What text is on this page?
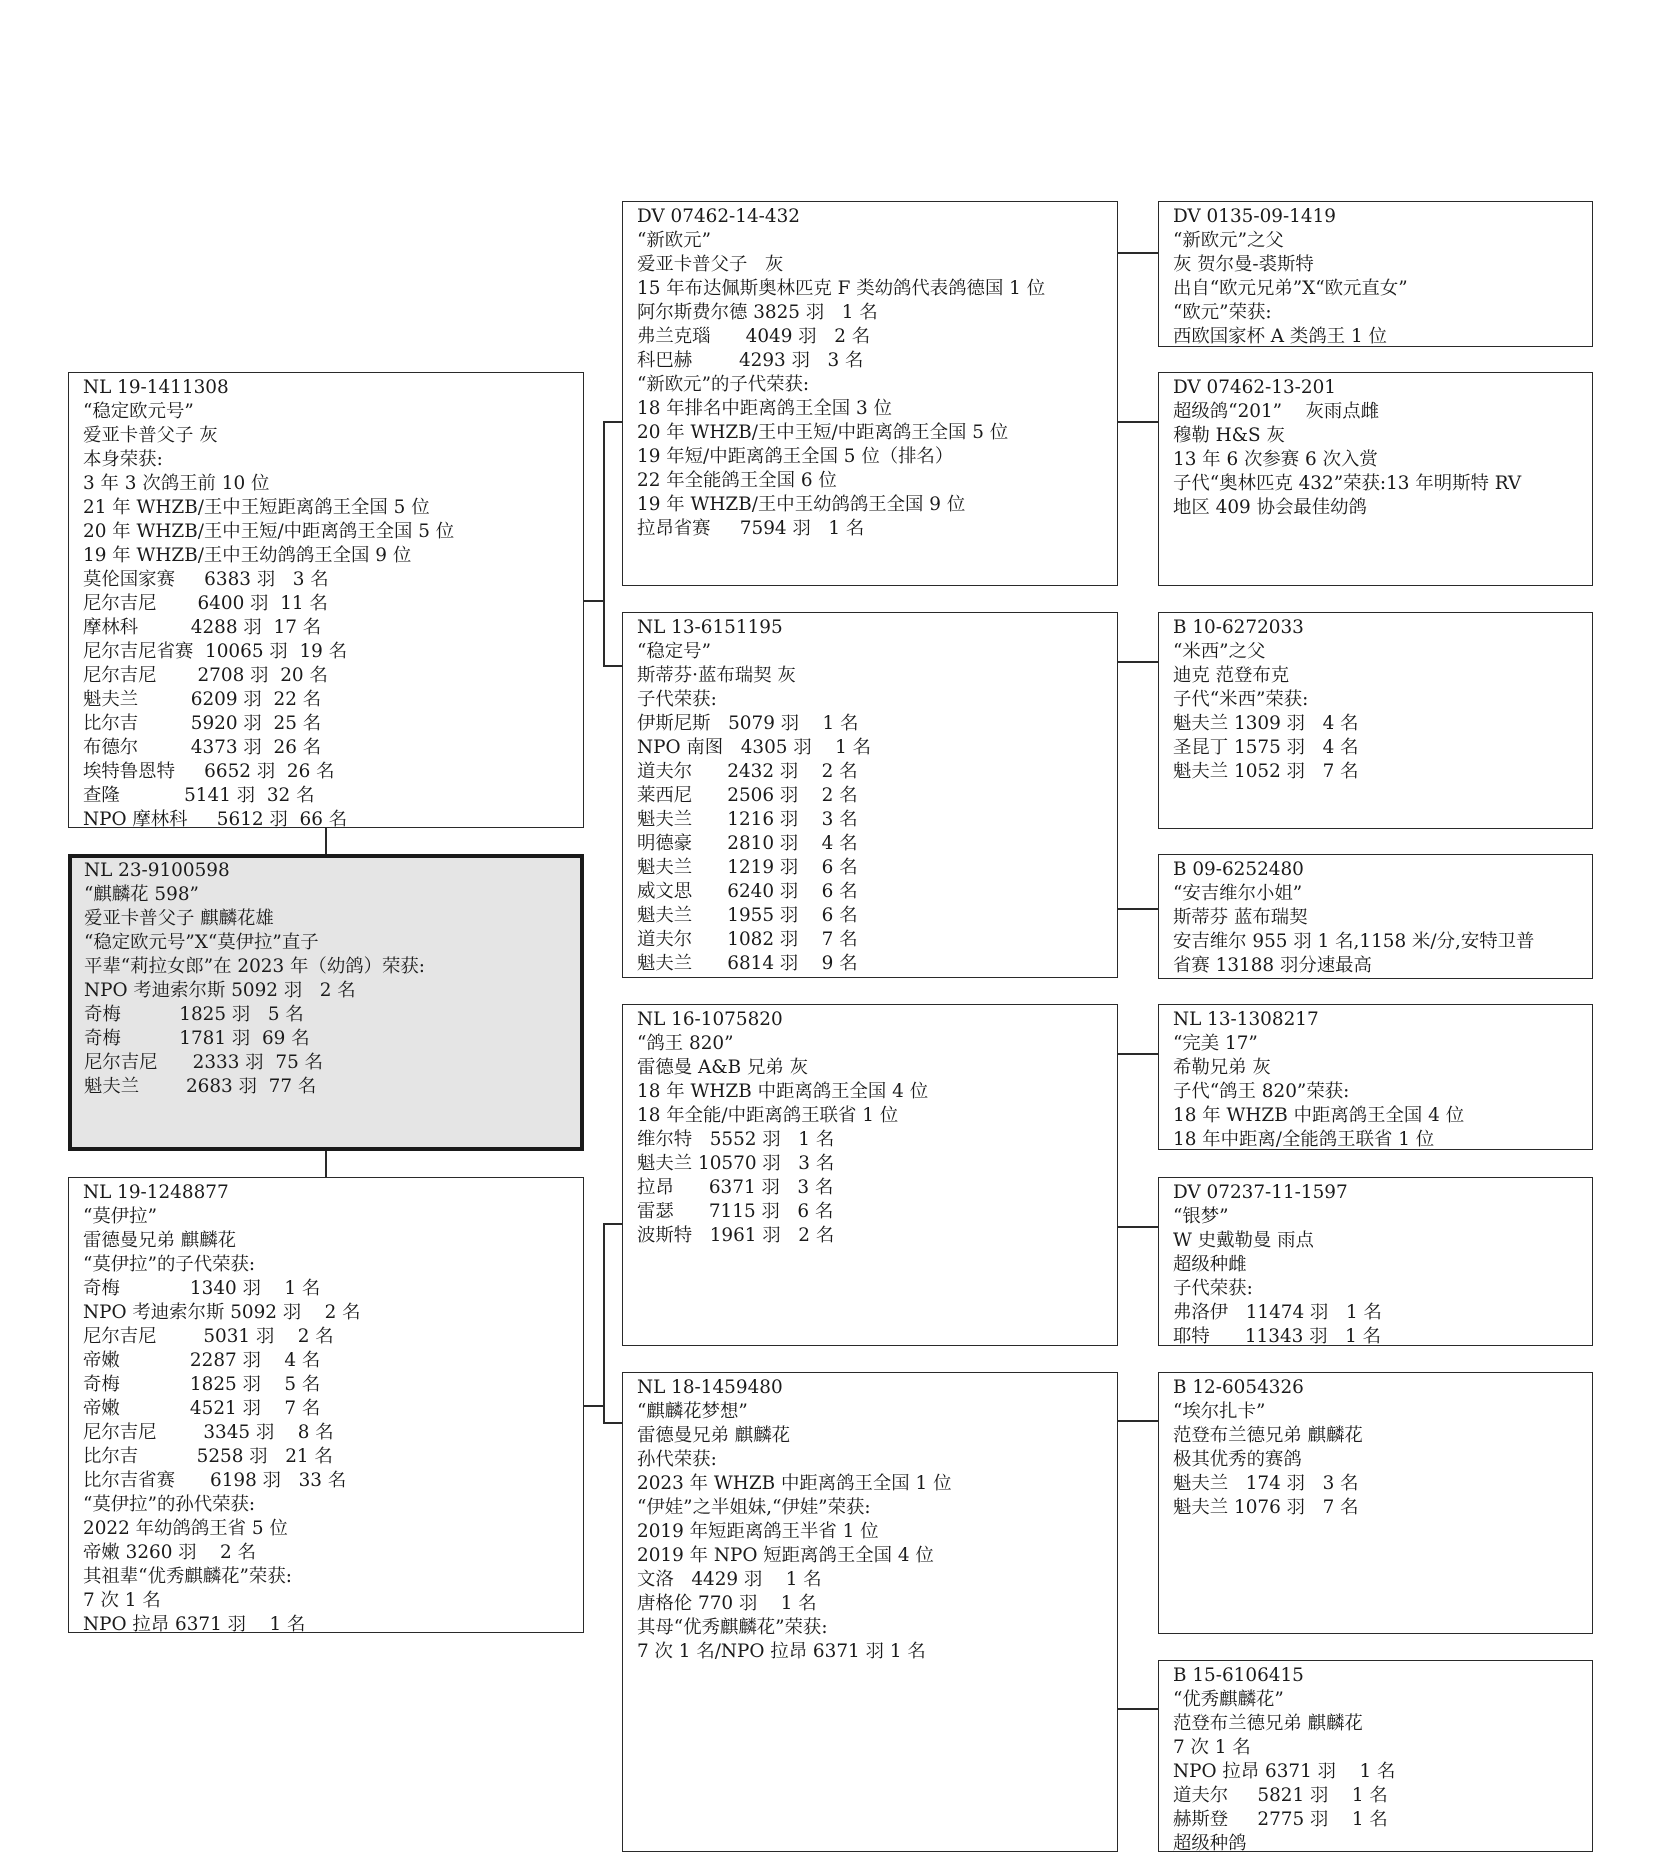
NL 23-9100598
“麒麟花 598”
爱亚卡普父子 麒麟花雄
“稳定欧元号”X“莫伊拉”直子
平辈“莉拉女郎”在 2023 年（幼鸽）荣获:
NPO 考迪索尔斯 5092 羽   2 名
奇梅          1825 羽   5 名
奇梅          1781 羽  69 名
尼尔吉尼      2333 羽  75 名
魁夫兰        2683 羽  77 名
NL 19-1411308
“稳定欧元号”
爱亚卡普父子 灰
本身荣获:
3 年 3 次鸽王前 10 位
21 年 WHZB/王中王短距离鸽王全国 5 位
20 年 WHZB/王中王短/中距离鸽王全国 5 位
19 年 WHZB/王中王幼鸽鸽王全国 9 位
莫伦国家赛     6383 羽   3 名
尼尔吉尼       6400 羽  11 名
摩林科         4288 羽  17 名
尼尔吉尼省赛  10065 羽  19 名
尼尔吉尼       2708 羽  20 名
魁夫兰         6209 羽  22 名
比尔吉         5920 羽  25 名
布德尔         4373 羽  26 名
埃特鲁恩特     6652 羽  26 名
查隆           5141 羽  32 名
NPO 摩林科     5612 羽  66 名
NL 19-1248877
“莫伊拉”
雷德曼兄弟 麒麟花
“莫伊拉”的子代荣获:
奇梅            1340 羽    1 名
NPO 考迪索尔斯 5092 羽    2 名
尼尔吉尼        5031 羽    2 名
帝嫩            2287 羽    4 名
奇梅            1825 羽    5 名
帝嫩            4521 羽    7 名
尼尔吉尼        3345 羽    8 名
比尔吉          5258 羽   21 名
比尔吉省赛      6198 羽   33 名
“莫伊拉”的孙代荣获:
2022 年幼鸽鸽王省 5 位
帝嫩 3260 羽    2 名
其祖辈“优秀麒麟花”荣获:
7 次 1 名
NPO 拉昂 6371 羽    1 名
DV 07462-14-432
“新欧元”
爱亚卡普父子   灰
15 年布达佩斯奥林匹克 F 类幼鸽代表鸽德国 1 位
阿尔斯费尔德 3825 羽   1 名
弗兰克瑙      4049 羽   2 名
科巴赫        4293 羽   3 名
“新欧元”的子代荣获:
18 年排名中距离鸽王全国 3 位
20 年 WHZB/王中王短/中距离鸽王全国 5 位
19 年短/中距离鸽王全国 5 位（排名）
22 年全能鸽王全国 6 位
19 年 WHZB/王中王幼鸽鸽王全国 9 位
拉昂省赛     7594 羽   1 名
NL 13-6151195
“稳定号”
斯蒂芬·蓝布瑞契 灰
子代荣获:
伊斯尼斯   5079 羽    1 名
NPO 南图   4305 羽    1 名
道夫尔      2432 羽    2 名
莱西尼      2506 羽    2 名
魁夫兰      1216 羽    3 名
明德豪      2810 羽    4 名
魁夫兰      1219 羽    6 名
威文思      6240 羽    6 名
魁夫兰      1955 羽    6 名
道夫尔      1082 羽    7 名
魁夫兰      6814 羽    9 名
NL 16-1075820
“鸽王 820”
雷德曼 A&B 兄弟 灰
18 年 WHZB 中距离鸽王全国 4 位
18 年全能/中距离鸽王联省 1 位
维尔特   5552 羽   1 名
魁夫兰 10570 羽   3 名
拉昂      6371 羽   3 名
雷瑟      7115 羽   6 名
波斯特   1961 羽   2 名
NL 18-1459480
“麒麟花梦想”
雷德曼兄弟 麒麟花
孙代荣获:
2023 年 WHZB 中距离鸽王全国 1 位
“伊娃”之半姐妹,“伊娃”荣获:
2019 年短距离鸽王半省 1 位
2019 年 NPO 短距离鸽王全国 4 位
文洛   4429 羽    1 名
唐格伦 770 羽    1 名
其母“优秀麒麟花”荣获:
7 次 1 名/NPO 拉昂 6371 羽 1 名
DV 0135-09-1419
“新欧元”之父
灰 贺尔曼-裘斯特
出自“欧元兄弟”X“欧元直女”
“欧元”荣获:
西欧国家杯 A 类鸽王 1 位
DV 07462-13-201
超级鸽“201”    灰雨点雌
穆勒 H&S 灰
13 年 6 次参赛 6 次入赏
子代“奥林匹克 432”荣获:13 年明斯特 RV
地区 409 协会最佳幼鸽
B 10-6272033
“米西”之父
迪克 范登布克
子代“米西”荣获:
魁夫兰 1309 羽   4 名
圣昆丁 1575 羽   4 名
魁夫兰 1052 羽   7 名
B 09-6252480
“安吉维尔小姐”
斯蒂芬 蓝布瑞契
安吉维尔 955 羽 1 名,1158 米/分,安特卫普
省赛 13188 羽分速最高
NL 13-1308217
“完美 17”
希勒兄弟 灰
子代“鸽王 820”荣获:
18 年 WHZB 中距离鸽王全国 4 位
18 年中距离/全能鸽王联省 1 位
DV 07237-11-1597
“银梦”
W 史戴勒曼 雨点
超级种雌
子代荣获:
弗洛伊   11474 羽   1 名
耶特      11343 羽   1 名
B 12-6054326
“埃尔扎卡”
范登布兰德兄弟 麒麟花
极其优秀的赛鸽
魁夫兰   174 羽   3 名
魁夫兰 1076 羽   7 名
B 15-6106415
“优秀麒麟花”
范登布兰德兄弟 麒麟花
7 次 1 名
NPO 拉昂 6371 羽    1 名
道夫尔     5821 羽    1 名
赫斯登     2775 羽    1 名
超级种鸽
